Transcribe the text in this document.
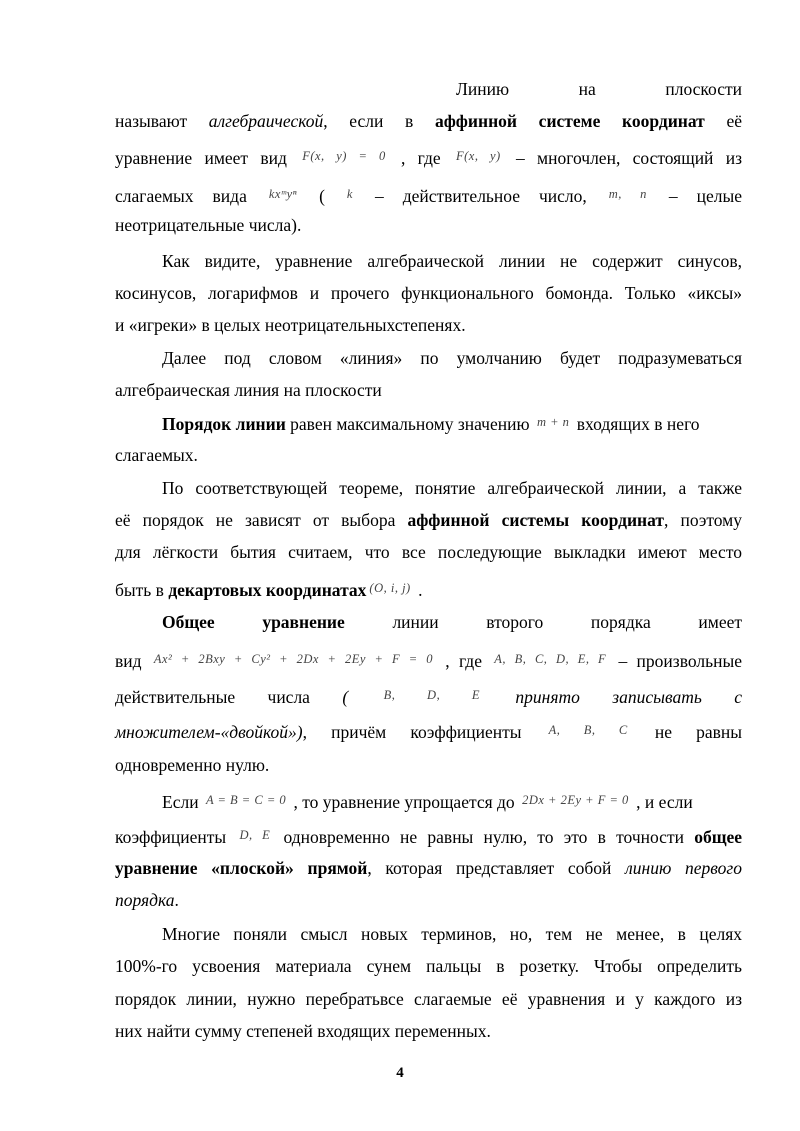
Линию на плоскости
называют алгебраической, если в аффинной системе координат её
уравнение имеет вид $^{F(x, y) = 0}$ , где $^{F(x, y)}$ – многочлен, состоящий из
слагаемых вида $^{kxᵐy^n}$ ( $^k$ – действительное число, $^{m, n}$ – целые
неотрицательные числа).
Как видите, уравнение алгебраической линии не содержит синусов,
косинусов, логарифмов и прочего функционального бомонда. Только «иксы»
и «игреки» в целых неотрицательныхстепенях.
Далее под словом «линия» по умолчанию будет подразумеваться
алгебраическая линия на плоскости
Порядок линии равен максимальному значению $^{m + n}$ входящих в него
слагаемых.
По соответствующей теореме, понятие алгебраической линии, а также
её порядок не зависят от выбора аффинной системы координат, поэтому
для лёгкости бытия считаем, что все последующие выкладки имеют место
быть в декартовых координатах $^{(O, i, j)}$ .
Общее уравнение линии второго порядка имеет
вид $^{Ax^2 + 2Bxy + Cy^2 + 2Dx + 2Ey + F = 0}$ , где $^{A, B, C, D, E, F}$ – произвольные
действительные числа ( $^{B, D, E}$ принято записывать с
множителем-«двойкой»), причём коэффициенты $^{A, B, C}$ не равны
одновременно нулю.
Если $^{A = B = C = 0}$ , то уравнение упрощается до $^{2Dx + 2Ey + F = 0}$ , и если
коэффициенты $^{D, E}$ одновременно не равны нулю, то это в точности общее
уравнение «плоской» прямой, которая представляет собой линию первого
порядка.
Многие поняли смысл новых терминов, но, тем не менее, в целях
100%-го усвоения материала сунем пальцы в розетку. Чтобы определить
порядок линии, нужно перебратьвсе слагаемые её уравнения и у каждого из
них найти сумму степеней входящих переменных.
4
